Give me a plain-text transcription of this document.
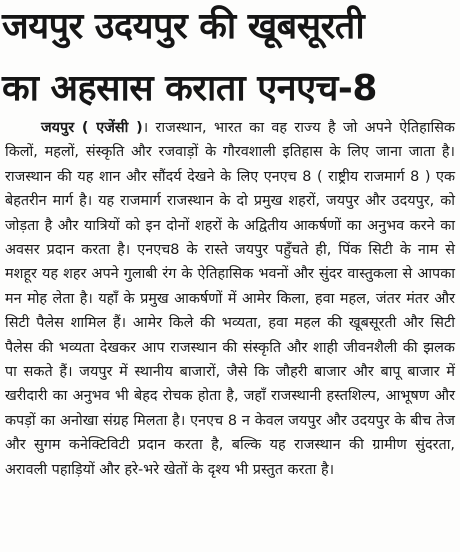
जयपुर उदयपुर की खूबसूरती
का अहसास कराता एनएच-8

जयपुर ( एजेंसी )। राजस्थान, भारत का वह राज्य है जो अपने ऐतिहासिक किलों, महलों, संस्कृति और रजवाड़ों के गौरवशाली इतिहास के लिए जाना जाता है। राजस्थान की यह शान और सौंदर्य देखने के लिए एनएच 8 ( राष्ट्रीय राजमार्ग 8 ) एक बेहतरीन मार्ग है। यह राजमार्ग राजस्थान के दो प्रमुख शहरों, जयपुर और उदयपुर, को जोड़ता है और यात्रियों को इन दोनों शहरों के अद्वितीय आकर्षणों का अनुभव करने का अवसर प्रदान करता है। एनएच8 के रास्ते जयपुर पहुँचते ही, पिंक सिटी के नाम से मशहूर यह शहर अपने गुलाबी रंग के ऐतिहासिक भवनों और सुंदर वास्तुकला से आपका मन मोह लेता है। यहाँ के प्रमुख आकर्षणों में आमेर किला, हवा महल, जंतर मंतर और सिटी पैलेस शामिल हैं। आमेर किले की भव्यता, हवा महल की खूबसूरती और सिटी पैलेस की भव्यता देखकर आप राजस्थान की संस्कृति और शाही जीवनशैली की झलक पा सकते हैं। जयपुर में स्थानीय बाजारों, जैसे कि जौहरी बाजार और बापू बाजार में खरीदारी का अनुभव भी बेहद रोचक होता है, जहाँ राजस्थानी हस्तशिल्प, आभूषण और कपड़ों का अनोखा संग्रह मिलता है। एनएच 8 न केवल जयपुर और उदयपुर के बीच तेज और सुगम कनेक्टिविटी प्रदान करता है, बल्कि यह राजस्थान की ग्रामीण सुंदरता, अरावली पहाड़ियों और हरे-भरे खेतों के दृश्य भी प्रस्तुत करता है।
